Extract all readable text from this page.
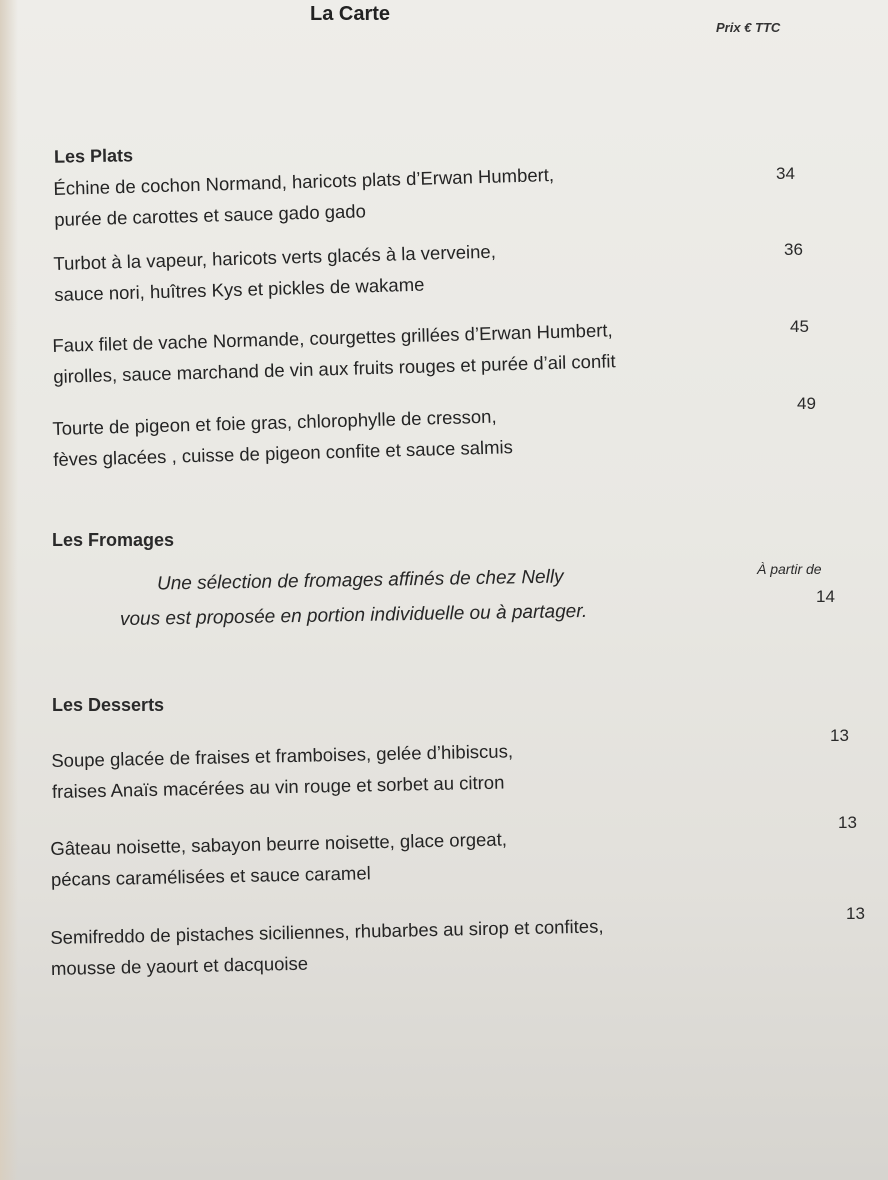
La Carte
Prix € TTC
Les Plats
Échine de cochon Normand, haricots plats d’Erwan Humbert,
purée de carottes et sauce gado gado
34
Turbot à la vapeur, haricots verts glacés à la verveine,
sauce nori, huîtres Kys et pickles de wakame
36
Faux filet de vache Normande, courgettes grillées d’Erwan Humbert,
girolles, sauce marchand de vin aux fruits rouges et purée d’ail confit
45
Tourte de pigeon et foie gras, chlorophylle de cresson,
fèves glacées , cuisse de pigeon confite et sauce salmis
49
Les Fromages
Une sélection de fromages affinés de chez Nelly
vous est proposée en portion individuelle ou à partager.
À partir de
14
Les Desserts
Soupe glacée de fraises et framboises, gelée d’hibiscus,
fraises Anaïs macérées au vin rouge et sorbet au citron
13
Gâteau noisette, sabayon beurre noisette, glace orgeat,
pécans caramélisées et sauce caramel
13
Semifreddo de pistaches siciliennes, rhubarbes au sirop et confites,
mousse de yaourt et dacquoise
13
